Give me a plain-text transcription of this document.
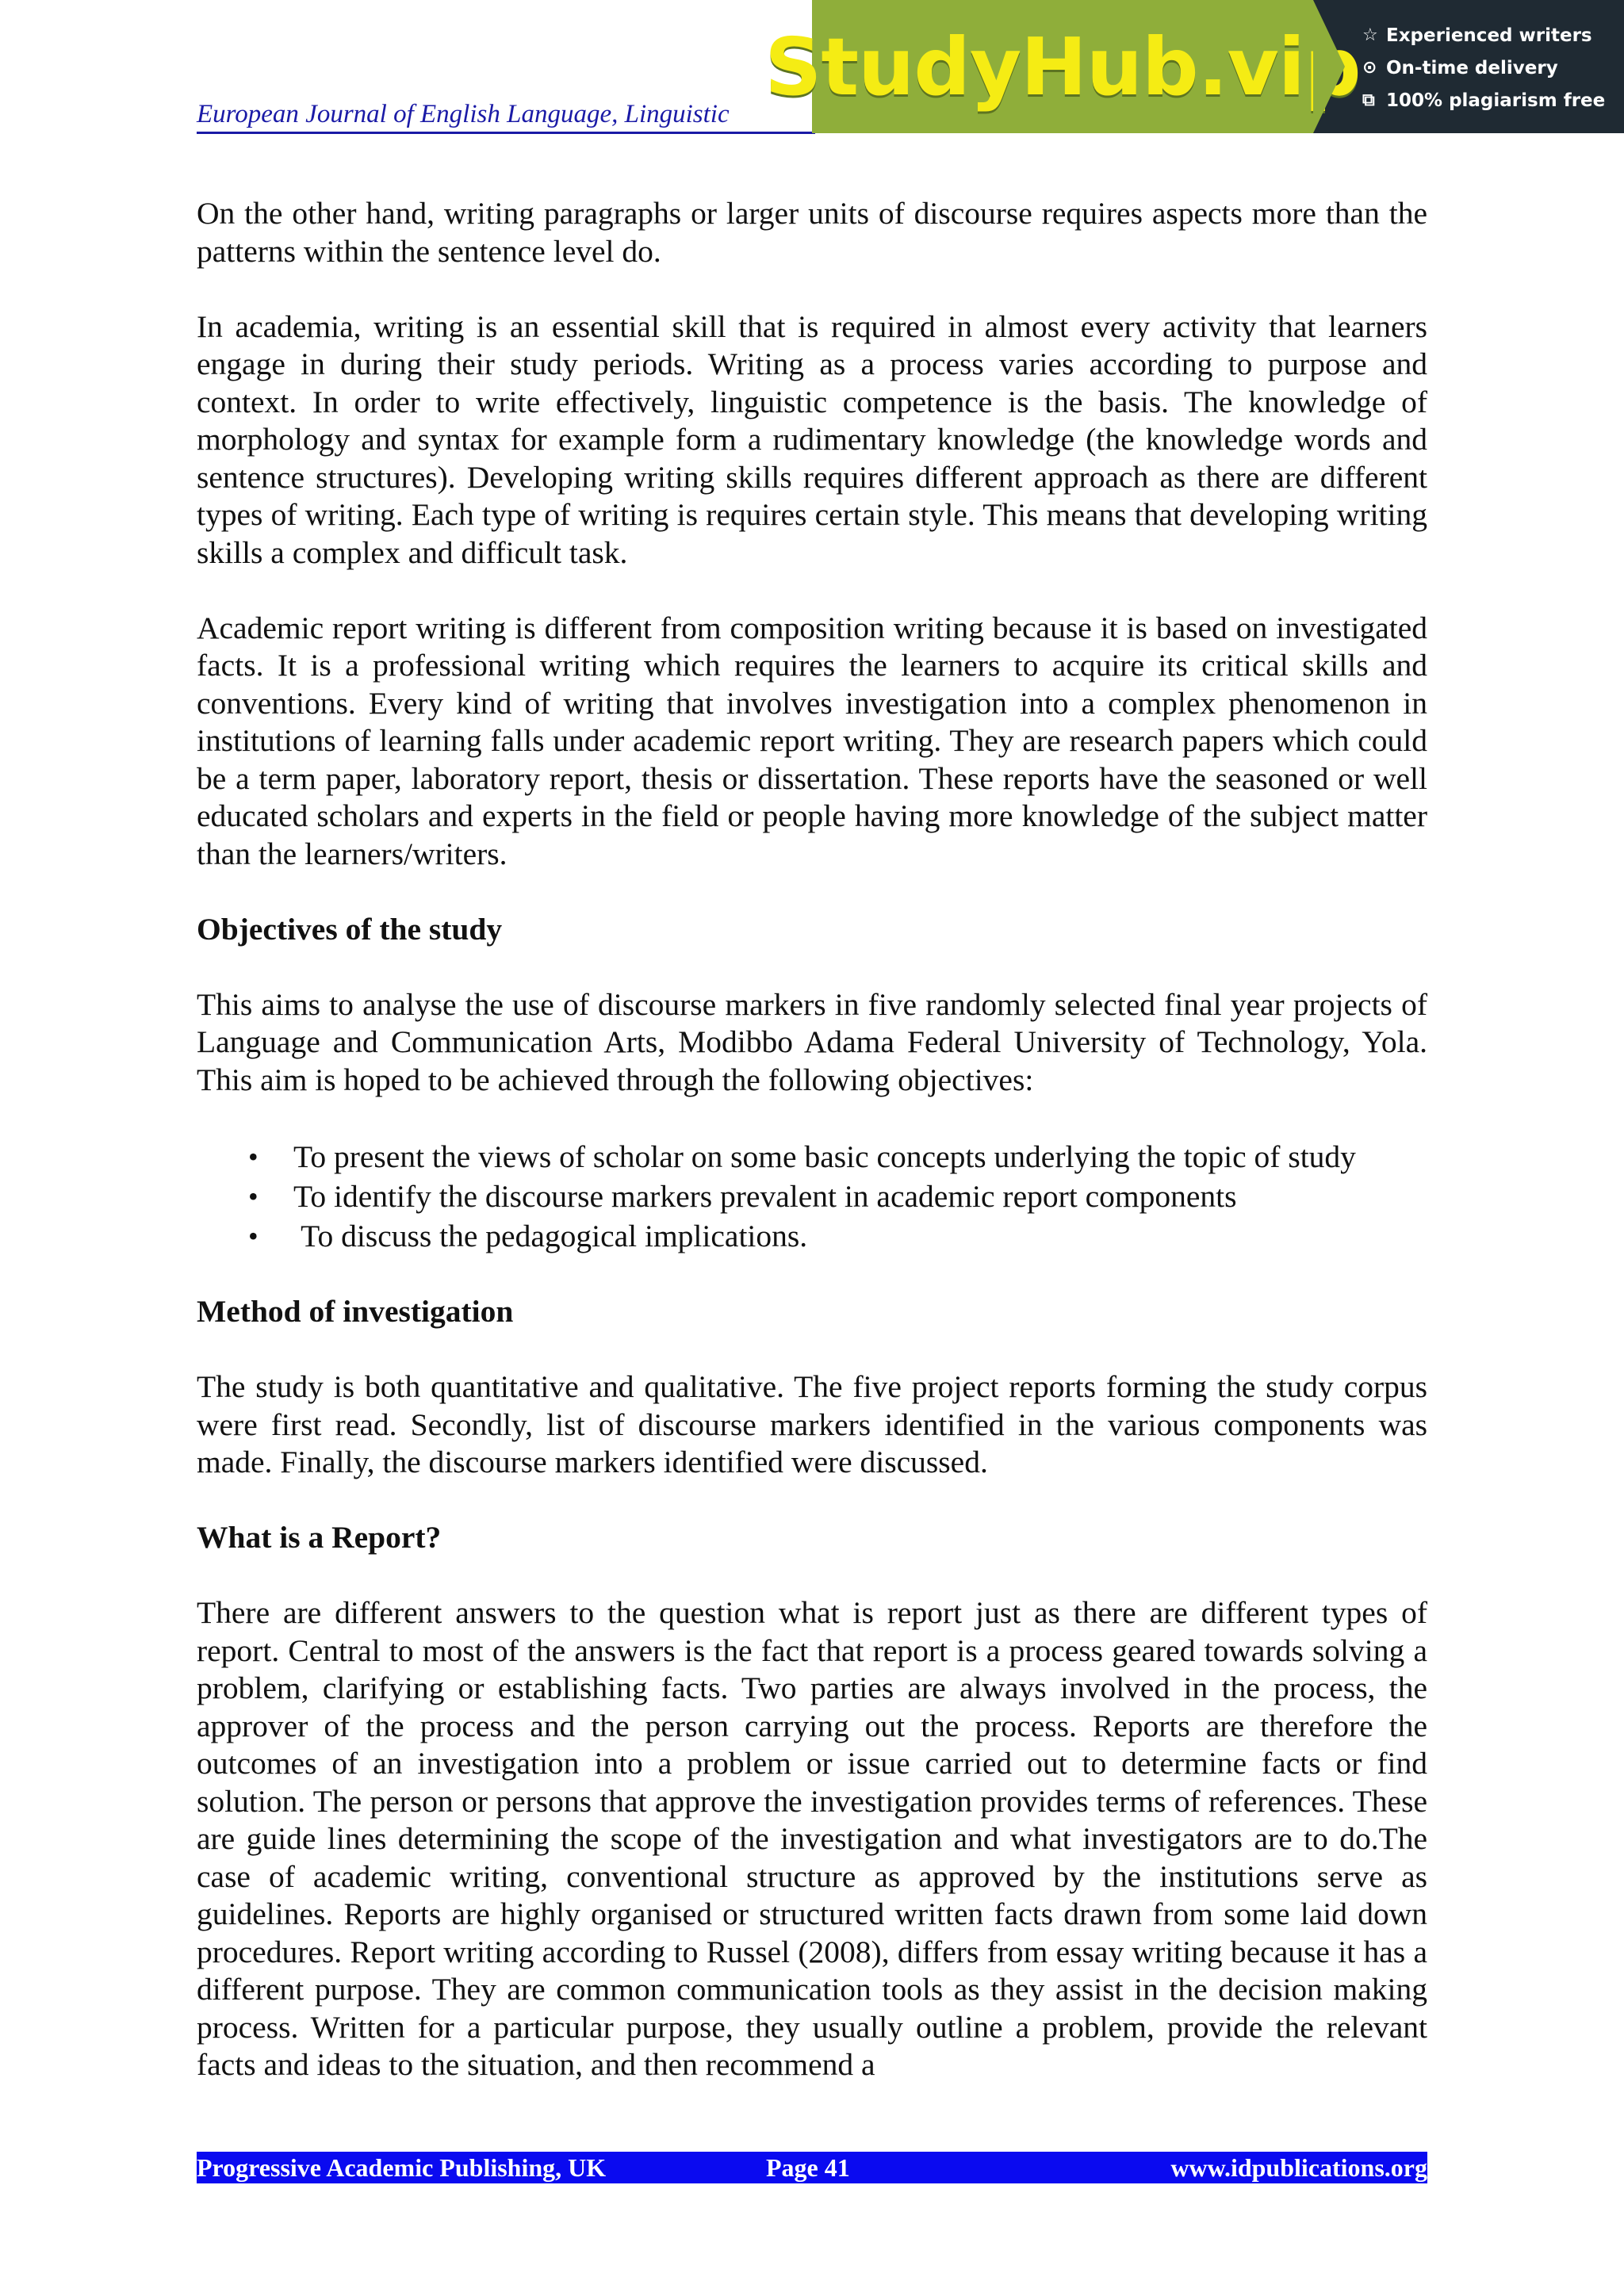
European Journal of English Language, Linguistic
StudyHub.vip ☆ Experienced writers
⊙ On-time delivery
⧉ 100% plagiarism free

On the other hand, writing paragraphs or larger units of discourse requires aspects more than the patterns within the sentence level do.

In academia, writing is an essential skill that is required in almost every activity that learners engage in during their study periods. Writing as a process varies according to purpose and context. In order to write effectively, linguistic competence is the basis. The knowledge of morphology and syntax for example form a rudimentary knowledge (the knowledge words and sentence structures). Developing writing skills requires different approach as there are different types of writing. Each type of writing is requires certain style. This means that developing writing skills a complex and difficult task.

Academic report writing is different from composition writing because it is based on investigated facts. It is a professional writing which requires the learners to acquire its critical skills and conventions. Every kind of writing that involves investigation into a complex phenomenon in institutions of learning falls under academic report writing. They are research papers which could be a term paper, laboratory report, thesis or dissertation. These reports have the seasoned or well educated scholars and experts in the field or people having more knowledge of the subject matter than the learners/writers.

Objectives of the study

This aims to analyse the use of discourse markers in five randomly selected final year projects of Language and Communication Arts, Modibbo Adama Federal University of Technology, Yola. This aim is hoped to be achieved through the following objectives:

• To present the views of scholar on some basic concepts underlying the topic of study
• To identify the discourse markers prevalent in academic report components
•  To discuss the pedagogical implications.
Method of investigation

The study is both quantitative and qualitative. The five project reports forming the study corpus were first read. Secondly, list of discourse markers identified in the various components was made. Finally, the discourse markers identified were discussed.

What is a Report?

There are different answers to the question what is report just as there are different types of report. Central to most of the answers is the fact that report is a process geared towards solving a problem, clarifying or establishing facts. Two parties are always involved in the process, the approver of the process and the person carrying out the process. Reports are therefore the outcomes of an investigation into a problem or issue carried out to determine facts or find solution. The person or persons that approve the investigation provides terms of references. These are guide lines determining the scope of the investigation and what investigators are to do.The case of academic writing, conventional structure as approved by the institutions serve as guidelines. Reports are highly organised or structured written facts drawn from some laid down procedures. Report writing according to Russel (2008), differs from essay writing because it has a different purpose. They are common communication tools as they assist in the decision making process. Written for a particular purpose, they usually outline a problem, provide the relevant facts and ideas to the situation, and then recommend a

Progressive Academic Publishing, UK	Page 41	www.idpublications.org
